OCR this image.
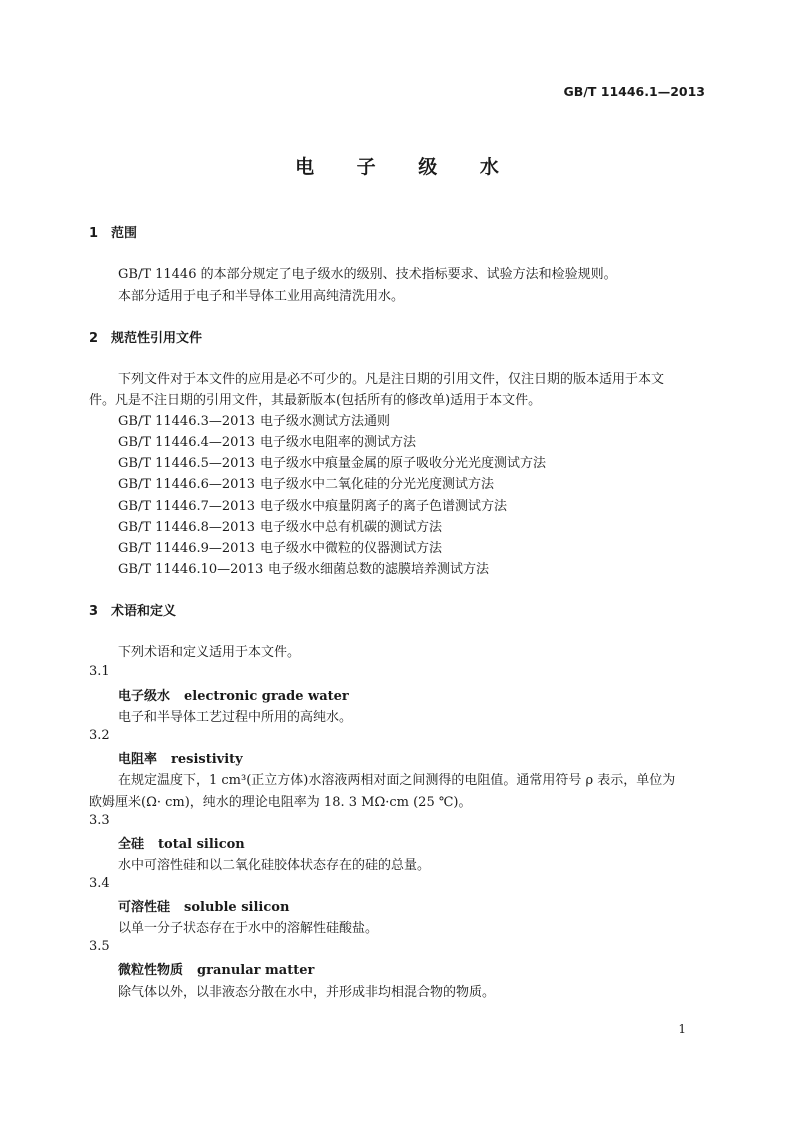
GB/T 11446.1—2013
电 子 级 水
1 范围
GB/T 11446 的本部分规定了电子级水的级别、技术指标要求、试验方法和检验规则。
本部分适用于电子和半导体工业用高纯清洗用水。
2 规范性引用文件
下列文件对于本文件的应用是必不可少的。凡是注日期的引用文件，仅注日期的版本适用于本文
件。凡是不注日期的引用文件，其最新版本(包括所有的修改单)适用于本文件。
GB/T 11446.3—2013 电子级水测试方法通则
GB/T 11446.4—2013 电子级水电阻率的测试方法
GB/T 11446.5—2013 电子级水中痕量金属的原子吸收分光光度测试方法
GB/T 11446.6—2013 电子级水中二氧化硅的分光光度测试方法
GB/T 11446.7—2013 电子级水中痕量阴离子的离子色谱测试方法
GB/T 11446.8—2013 电子级水中总有机碳的测试方法
GB/T 11446.9—2013 电子级水中微粒的仪器测试方法
GB/T 11446.10—2013 电子级水细菌总数的滤膜培养测试方法
3 术语和定义
下列术语和定义适用于本文件。
3.1
电子级水 electronic grade water
电子和半导体工艺过程中所用的高纯水。
3.2
电阻率 resistivity
在规定温度下，1 cm³(正立方体)水溶液两相对面之间测得的电阻值。通常用符号 ρ 表示，单位为
欧姆厘米(Ω· cm)，纯水的理论电阻率为 18. 3 MΩ·cm (25 ℃)。
3.3
全硅 total silicon
水中可溶性硅和以二氧化硅胶体状态存在的硅的总量。
3.4
可溶性硅 soluble silicon
以单一分子状态存在于水中的溶解性硅酸盐。
3.5
微粒性物质 granular matter
除气体以外，以非液态分散在水中，并形成非均相混合物的物质。
1
